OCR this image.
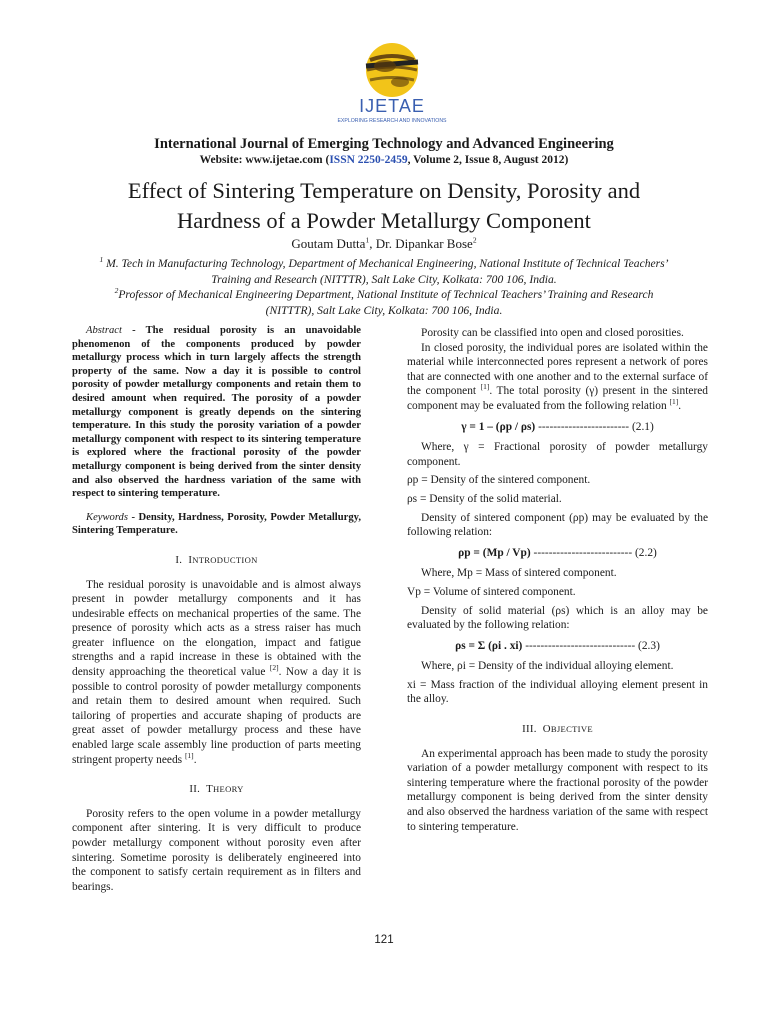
IJETAE
EXPLORING RESEARCH AND INNOVATIONS
International Journal of Emerging Technology and Advanced Engineering
Website: www.ijetae.com (ISSN 2250-2459, Volume 2, Issue 8, August 2012)
Effect of Sintering Temperature on Density, Porosity and
Hardness of a Powder Metallurgy Component
Goutam Dutta$^1$, Dr. Dipankar Bose$^2$
$^1$ M. Tech in Manufacturing Technology, Department of Mechanical Engineering, National Institute of Technical Teachers’
Training and Research (NITTTR), Salt Lake City, Kolkata: 700 106, India.
$^2$Professor of Mechanical Engineering Department, National Institute of Technical Teachers’ Training and Research
(NITTTR), Salt Lake City, Kolkata: 700 106, India.

Abstract - The residual porosity is an unavoidable phenomenon of the components produced by powder metallurgy process which in turn largely affects the strength property of the same. Now a day it is possible to control porosity of powder metallurgy components and retain them to desired amount when required. The porosity of a powder metallurgy component is greatly depends on the sintering temperature. In this study the porosity variation of a powder metallurgy component with respect to its sintering temperature is explored where the fractional porosity of the powder metallurgy component is being derived from the sinter density and also observed the hardness variation of the same with respect to sintering temperature.

Keywords - Density, Hardness, Porosity, Powder Metallurgy, Sintering Temperature.

I. INTRODUCTION

The residual porosity is unavoidable and is almost always present in powder metallurgy components and it has undesirable effects on mechanical properties of the same. The presence of porosity which acts as a stress raiser has much greater influence on the elongation, impact and fatigue strengths and a rapid increase in these is obtained with the density approaching the theoretical value [2]. Now a day it is possible to control porosity of powder metallurgy components and retain them to desired amount when required. Such tailoring of properties and accurate shaping of products are great asset of powder metallurgy process and these have enabled large scale assembly line production of parts meeting stringent property needs [1].

II. THEORY

Porosity refers to the open volume in a powder metallurgy component after sintering. It is very difficult to produce powder metallurgy component without porosity even after sintering. Sometime porosity is deliberately engineered into the component to satisfy certain requirement as in filters and bearings.

Porosity can be classified into open and closed porosities.

In closed porosity, the individual pores are isolated within the material while interconnected pores represent a network of pores that are connected with one another and to the external surface of the component [1]. The total porosity (γ) present in the sintered component may be evaluated from the following relation [1].

γ = 1 – (ρp / ρs) ------------------------ (2.1)

Where, γ = Fractional porosity of powder metallurgy component.

ρp = Density of the sintered component.

ρs = Density of the solid material.

Density of sintered component (ρp) may be evaluated by the following relation:

ρp = (Mp / Vp) -------------------------- (2.2)

Where, Mp = Mass of sintered component.

Vp = Volume of sintered component.

Density of solid material (ρs) which is an alloy may be evaluated by the following relation:

ρs = Σ (ρi . xi) ----------------------------- (2.3)

Where, ρi = Density of the individual alloying element.

xi = Mass fraction of the individual alloying element present in the alloy.

III. OBJECTIVE

An experimental approach has been made to study the porosity variation of a powder metallurgy component with respect to its sintering temperature where the fractional porosity of the powder metallurgy component is being derived from the sinter density and also observed the hardness variation of the same with respect to sintering temperature.

121
